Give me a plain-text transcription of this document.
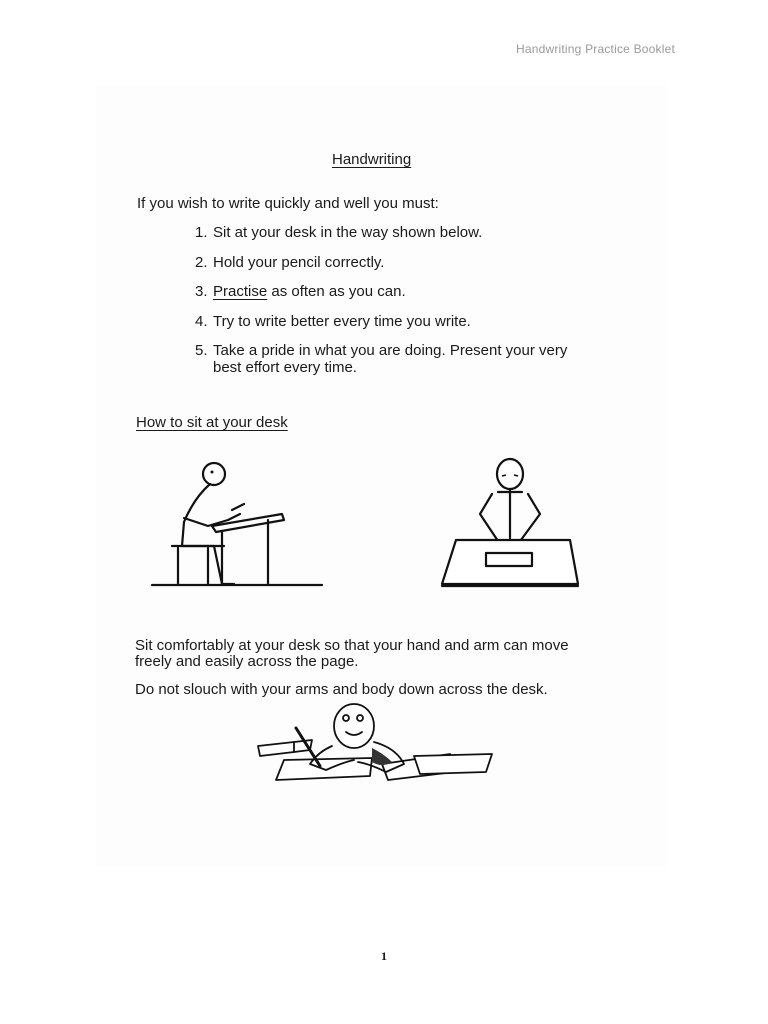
Handwriting Practice Booklet
Handwriting
If you wish to write quickly and well you must:
1. Sit at your desk in the way shown below.
2. Hold your pencil correctly.
3. Practise as often as you can.
4. Try to write better every time you write.
5. Take a pride in what you are doing. Present your very best effort every time.
How to sit at your desk
Sit comfortably at your desk so that your hand and arm can move freely and easily across the page.
Do not slouch with your arms and body down across the desk.
1
